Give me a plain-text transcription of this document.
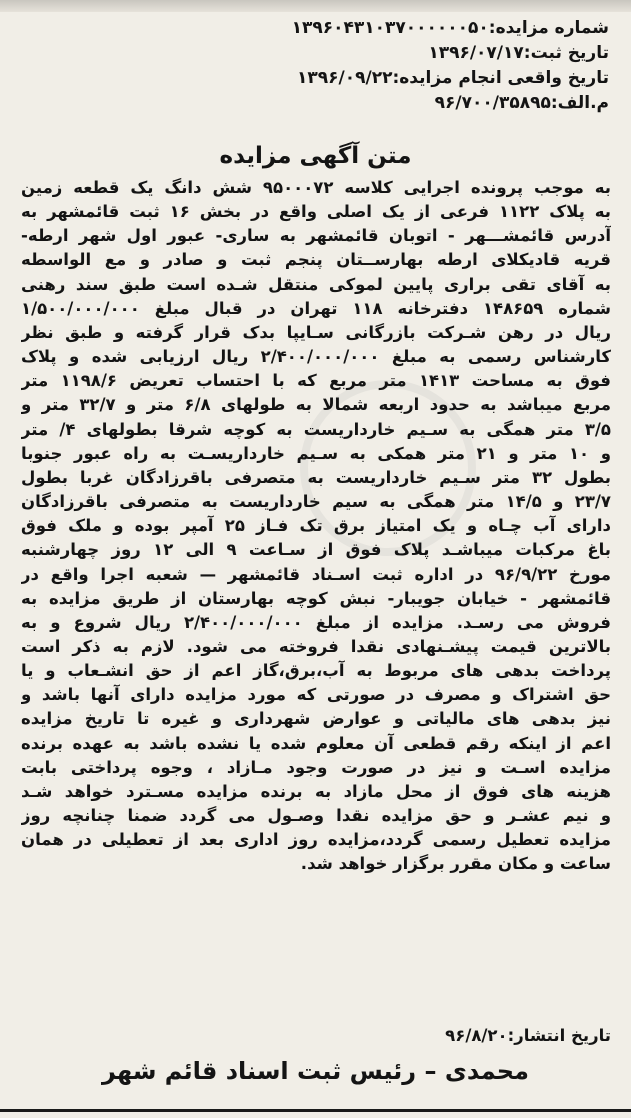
شماره مزایده:۱۳۹۶۰۴۳۱۰۳۷۰۰۰۰۰۰۵۰
تاریخ ثبت:۱۳۹۶/۰۷/۱۷
تاریخ واقعی انجام مزایده:۱۳۹۶/۰۹/۲۲
م.الف:۹۶/۷۰۰/۳۵۸۹۵
متن آگهی مزایده
به موجب پرونده اجرایی کلاسه ۹۵۰۰۰۷۲ شش دانگ یک قطعه زمین
به پلاک ۱۱۲۲ فرعی از یک اصلی واقع در بخش ۱۶ ثبت قائمشهر به
آدرس قائمشـــهر - اتوبان قائمشهر به ساری- عبور اول شهر ارطه-
قریه قادیکلای ارطه بهارســتان پنجم ثبت و صادر و مع الواسطه
به آقای تقی براری پایین لموکی منتقل شـده است طبق سند رهنی
شماره ۱۴۸۶۵۹ دفترخانه ۱۱۸ تهران در قبال مبلغ ۱/۵۰۰/۰۰۰/۰۰۰
ریال در رهن شـرکت بازرگانی سـایپا بدک قرار گرفته و طبق نظر
کارشناس رسمی به مبلغ ۲/۴۰۰/۰۰۰/۰۰۰ ریال ارزیابی شده و پلاک
فوق به مساحت ۱۴۱۳ متر مربع که با احتساب تعریض ۱۱۹۸/۶ متر
مربع میباشد به حدود اربعه شمالا به طولهای ۶/۸ متر و ۳۲/۷ متر و
۳/۵ متر همگی به سـیم خارداریست به کوچه شرقا بطولهای ۴/ متر
و ۱۰ متر و ۲۱ متر همکی به سـیم خارداریسـت به راه عبور جنوبا
بطول ۳۲ متر سـیم خارداریست به متصرفی باقرزادگان غربا بطول
۲۳/۷ و ۱۴/۵ متر همگی به سیم خارداریست به متصرفی باقرزادگان
دارای آب چـاه و یک امتیاز برق تک فـاز ۲۵ آمپر بوده و ملک فوق
باغ مرکبات میباشـد پلاک فوق از سـاعت ۹ الی ۱۲ روز چهارشنبه
مورخ ۹۶/۹/۲۲ در اداره ثبت اسـناد قائمشهر — شعبه اجرا واقع در
قائمشهر - خیابان جویبار- نبش کوچه بهارستان از طریق مزایده به
فروش می رسـد. مزایده از مبلغ ۲/۴۰۰/۰۰۰/۰۰۰ ریال شروع و به
بالاترین قیمت پیشـنهادی نقدا فروخته می شود. لازم به ذکر است
پرداخت بدهی های مربوط به آب،برق،گاز اعم از حق انشـعاب و یا
حق اشتراک و مصرف در صورتی که مورد مزایده دارای آنها باشد و
نیز بدهی های مالیاتی و عوارض شهرداری و غیره تا تاریخ مزایده
اعم از اینکه رقم قطعی آن معلوم شده یا نشده باشد به عهده برنده
مزایده اسـت و نیز در صورت وجود مـازاد ، وجوه پرداختی بابت
هزینه های فوق از محل مازاد به برنده مزایده مسـترد خواهد شـد
و نیم عشـر و حق مزایده نقدا وصـول می گردد ضمنا چنانچه روز
مزایده تعطیل رسمی گردد،مزایده روز اداری بعد از تعطیلی در همان
ساعت و مکان مقرر برگزار خواهد شد.
تاریخ انتشار:۹۶/۸/۲۰
محمدی – رئیس ثبت اسناد قائم شهر
